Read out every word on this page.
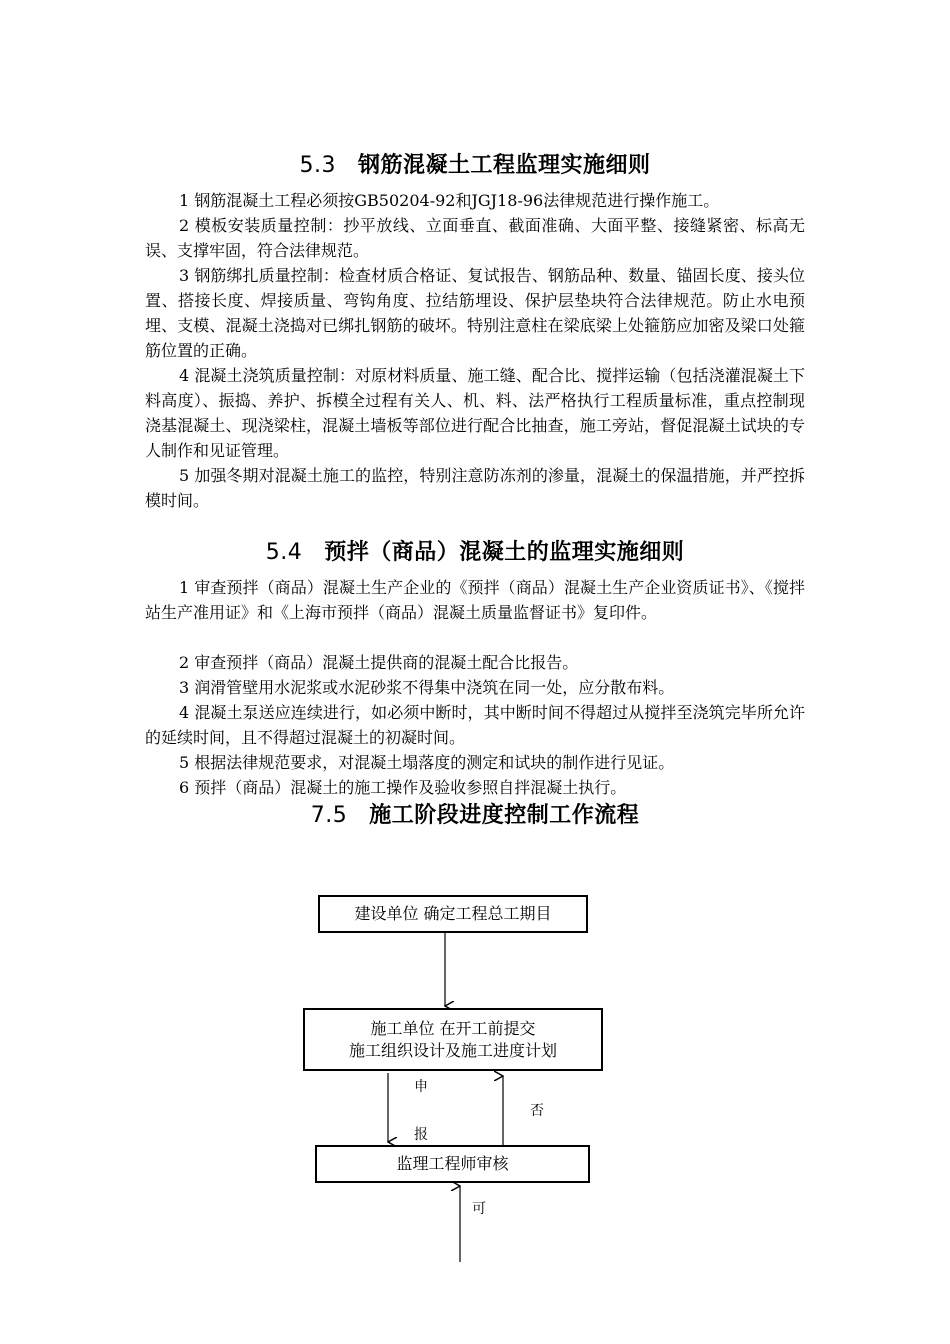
5.3 钢筋混凝土工程监理实施细则

1 钢筋混凝土工程必须按GB50204-92和JGJ18-96法律规范进行操作施工。

2 模板安装质量控制：抄平放线、立面垂直、截面准确、大面平整、接缝紧密、标高无误、支撑牢固，符合法律规范。

3 钢筋绑扎质量控制：检查材质合格证、复试报告、钢筋品种、数量、锚固长度、接头位置、搭接长度、焊接质量、弯钩角度、拉结筋埋设、保护层垫块符合法律规范。防止水电预埋、支模、混凝土浇捣对已绑扎钢筋的破坏。特别注意柱在梁底梁上处箍筋应加密及梁口处箍筋位置的正确。

4 混凝土浇筑质量控制：对原材料质量、施工缝、配合比、搅拌运输（包括浇灌混凝土下料高度）、振捣、养护、拆模全过程有关人、机、料、法严格执行工程质量标准，重点控制现浇基混凝土、现浇梁柱，混凝土墙板等部位进行配合比抽查，施工旁站，督促混凝土试块的专人制作和见证管理。

5 加强冬期对混凝土施工的监控，特别注意防冻剂的渗量，混凝土的保温措施，并严控拆模时间。

5.4 预拌（商品）混凝土的监理实施细则

1 审查预拌（商品）混凝土生产企业的《预拌（商品）混凝土生产企业资质证书》、《搅拌站生产准用证》和《上海市预拌（商品）混凝土质量监督证书》复印件。

2 审查预拌（商品）混凝土提供商的混凝土配合比报告。

3 润滑管壁用水泥浆或水泥砂浆不得集中浇筑在同一处，应分散布料。

4 混凝土泵送应连续进行，如必须中断时，其中断时间不得超过从搅拌至浇筑完毕所允许的延续时间，且不得超过混凝土的初凝时间。

5 根据法律规范要求，对混凝土塌落度的测定和试块的制作进行见证。

6 预拌（商品）混凝土的施工操作及验收参照自拌混凝土执行。

7.5 施工阶段进度控制工作流程
建设单位 确定工程总工期目
施工单位 在开工前提交
施工组织设计及施工进度计划
监理工程师审核
申
报
否
可
